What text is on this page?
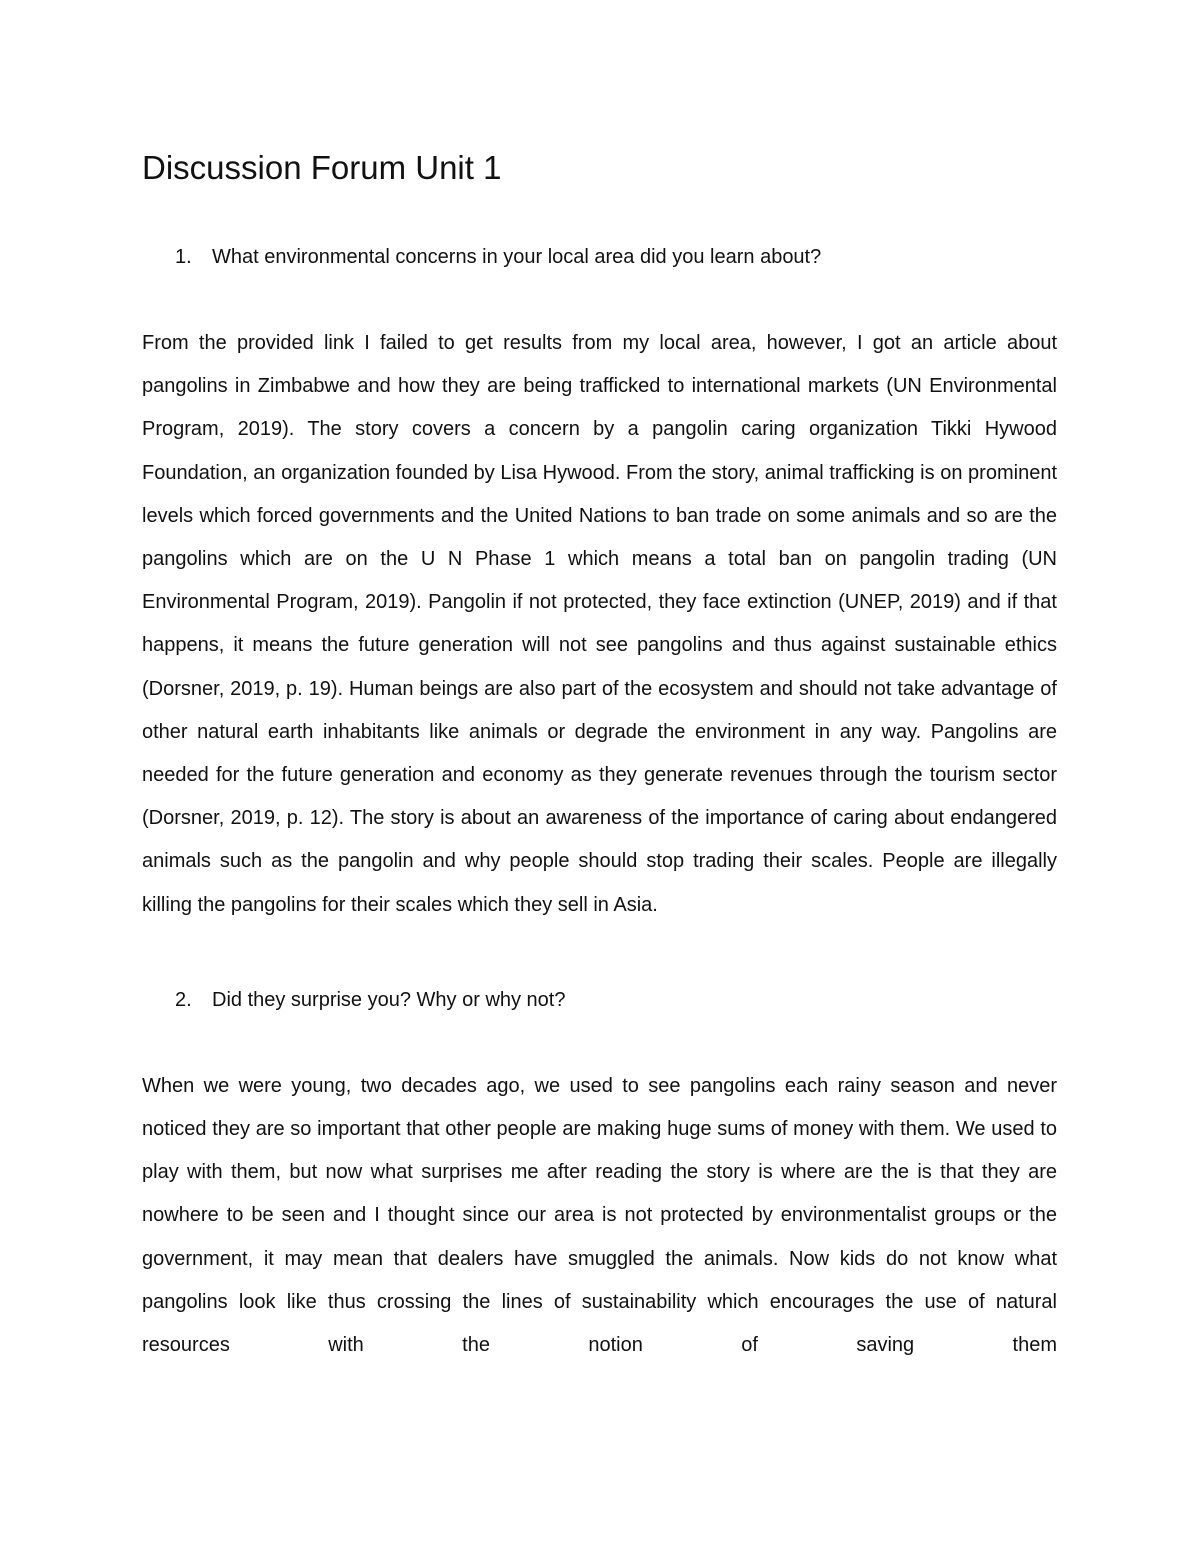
Discussion Forum Unit 1

1. What environmental concerns in your local area did you learn about?

From the provided link I failed to get results from my local area, however, I got an article about pangolins in Zimbabwe and how they are being trafficked to international markets (UN Environmental Program, 2019). The story covers a concern by a pangolin caring organization Tikki Hywood Foundation, an organization founded by Lisa Hywood. From the story, animal trafficking is on prominent levels which forced governments and the United Nations to ban trade on some animals and so are the pangolins which are on the U N Phase 1 which means a total ban on pangolin trading (UN Environmental Program, 2019). Pangolin if not protected, they face extinction (UNEP, 2019) and if that happens, it means the future generation will not see pangolins and thus against sustainable ethics (Dorsner, 2019, p. 19). Human beings are also part of the ecosystem and should not take advantage of other natural earth inhabitants like animals or degrade the environment in any way. Pangolins are needed for the future generation and economy as they generate revenues through the tourism sector (Dorsner, 2019, p. 12). The story is about an awareness of the importance of caring about endangered animals such as the pangolin and why people should stop trading their scales. People are illegally killing the pangolins for their scales which they sell in Asia.

2. Did they surprise you? Why or why not?

When we were young, two decades ago, we used to see pangolins each rainy season and never noticed they are so important that other people are making huge sums of money with them. We used to play with them, but now what surprises me after reading the story is where are the is that they are nowhere to be seen and I thought since our area is not protected by environmentalist groups or the government, it may mean that dealers have smuggled the animals. Now kids do not know what pangolins look like thus crossing the lines of sustainability which encourages the use of natural resources with the notion of saving them
